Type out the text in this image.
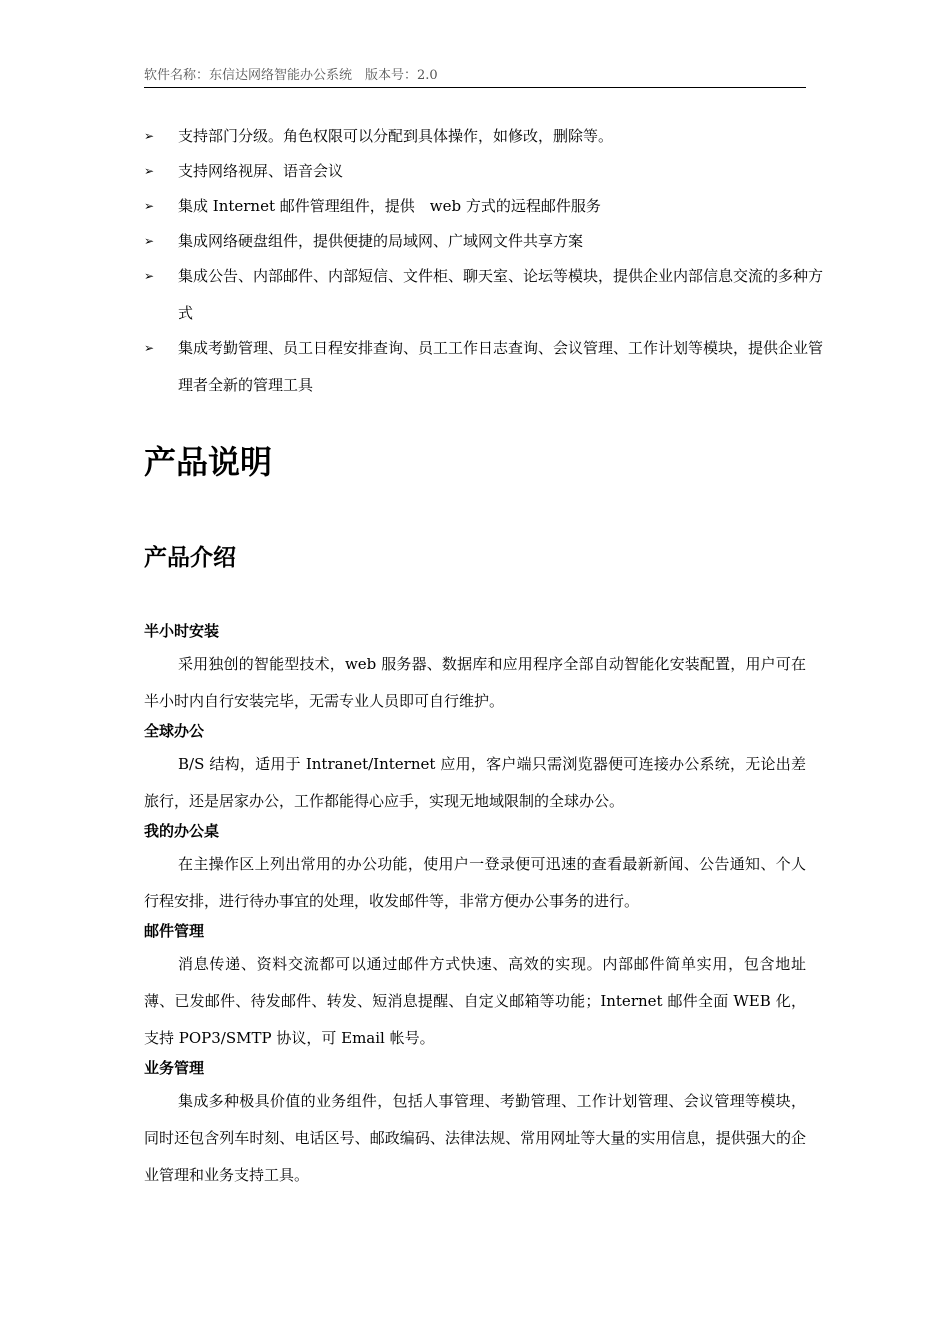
软件名称：东信达网络智能办公系统　版本号：2.0
➢ 支持部门分级。角色权限可以分配到具体操作，如修改，删除等。
➢ 支持网络视屏、语音会议
➢ 集成 Internet 邮件管理组件，提供　web 方式的远程邮件服务
➢ 集成网络硬盘组件，提供便捷的局域网、广域网文件共享方案
➢ 集成公告、内部邮件、内部短信、文件柜、聊天室、论坛等模块，提供企业内部信息交流的多种方式
➢ 集成考勤管理、员工日程安排查询、员工工作日志查询、会议管理、工作计划等模块，提供企业管理者全新的管理工具
产品说明
产品介绍
半小时安装
采用独创的智能型技术，web 服务器、数据库和应用程序全部自动智能化安装配置，用户可在半小时内自行安装完毕，无需专业人员即可自行维护。
全球办公
B/S 结构，适用于 Intranet/Internet 应用，客户端只需浏览器便可连接办公系统，无论出差旅行，还是居家办公，工作都能得心应手，实现无地域限制的全球办公。
我的办公桌
在主操作区上列出常用的办公功能，使用户一登录便可迅速的查看最新新闻、公告通知、个人行程安排，进行待办事宜的处理，收发邮件等，非常方便办公事务的进行。
邮件管理
消息传递、资料交流都可以通过邮件方式快速、高效的实现。内部邮件简单实用，包含地址薄、已发邮件、待发邮件、转发、短消息提醒、自定义邮箱等功能；Internet 邮件全面 WEB 化，支持 POP3/SMTP 协议，可 Email 帐号。
业务管理
集成多种极具价值的业务组件，包括人事管理、考勤管理、工作计划管理、会议管理等模块，同时还包含列车时刻、电话区号、邮政编码、法律法规、常用网址等大量的实用信息，提供强大的企业管理和业务支持工具。
